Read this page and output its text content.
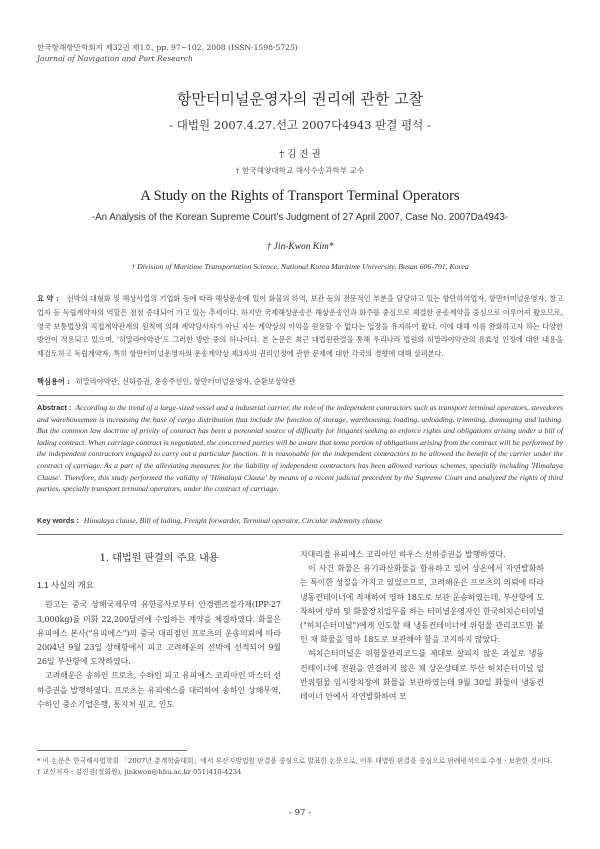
한국항해항만학회지 제32권 제1호, pp. 97~102, 2008 (ISSN-1598-5725)
Journal of Navigation and Port Research
항만터미널운영자의 권리에 관한 고찰
- 대법원 2007.4.27.선고 2007다4943 판결 평석 -
† 김 진 권
† 한국해양대학교 해사수송과학부 교수
A Study on the Rights of Transport Terminal Operators
-An Analysis of the Korean Supreme Court's Judgment of 27 April 2007, Case No. 2007Da4943-
† Jin-Kwon Kim*
† Division of Maritime Transportation Science, National Korea Maritime University, Busan 606-791, Korea
요 약 : 선박의 대형화 및 해상사업의 기업화 등에 따라 해상운송에 있어 화물의 하역, 보관 등의 전문적인 부분을 담당하고 있는 항만하역업자, 항만터미널운영자, 창고업자 등 독립계약자의 역할은 점점 증대되어 가고 있는 추세이다. 하지만 국제해상운송은 해상운송인과 화주를 중심으로 체결한 운송계약을 중심으로 이루어져 왔으므로, 영국 보통법상의 직접계약관계의 원칙에 의해 계약당사자가 아닌 자는 계약상의 이익을 원용할 수 없다는 입장을 유지하여 왔다. 이에 대해 이를 완화하고자 하는 다양한 방안이 적용되고 있으며, '히말라야약관'도 그러한 방안 중의 하나이다. 본 논문은 최근 대법원판결을 통해 우리나라 법원의 히말라야약관의 유효성 인정에 대한 내용을 재검토하고 독립계약자, 특히 항만터미널운영자의 운송계약상 제3자의 권리인정에 관한 문제에 대한 각국의 경향에 대해 살펴본다.
핵심용어 : 히말라야약관, 선하증권, 운송주선인, 항만터미널운영자, 순환보상약관
Abstract : According to the trend of a large-sized vessel and a industrial carrier, the role of the independent contractors such as transport terminal operators, stevedores and warehousemen is increasing the base of cargo distribution that include the function of storage, warehousing, loading, unloading, trimming, dunnaging and lashing. But the common law doctrine of privity of contract has been a perennial source of difficulty for litigants seeking to enforce rights and obligations arising under a bill of lading contract. When carriage contract is negotiated, the concerned parties will be aware that some portion of obligations arising from the contract will be performed by the independent contractors engaged to carry out a particular function. It is reasonable for the independent contractors to be allowed the benefit of the carrier under the contract of carriage. As a part of the alleviating measures for the liability of independent contractors has been allowed various schemes, specially including 'Himalaya Clause'. Therefore, this study performed the validity of 'Himalaya Clause' by means of a recent judicial precedent by the Supreme Court and analyzed the rights of third parties, specially transport terminal operators, under the contract of carriage.
Key words : Himalaya clause, Bill of lading, Freight forwarder, Terminal operator, Circular indemnity clause
1. 대법원 판결의 주요 내용
1.1 사실의 개요

원고는 중국 상해국제무역 유한공사로부터 안경렌즈절가재(IPP-27 3,000kg)를 미화 22,200달러에 수입하는 계약을 체결하였다. 화물은 유피에스 본사("유피에스")의 중국 대리점인 프로츠의 운송의뢰에 따라 2004년 9월 23일 상해항에서 피고 고려해운의 선박에 선적되어 9월 26일 부산항에 도착하였다.

고려해운은 송하인 프로츠, 수하인 피고 유피에스 코리아인 마스터 선하증권을 발행하였다. 프로츠는 유피에스를 대리하여 송하인 상해무역, 수하인 중소기업은행, 통지처 원고, 인도

지대리점 유피에스 코리아인 하우스 선하증권을 발행하였다.

이 사건 화물은 유기과산화물을 함유하고 있어 상온에서 자연발화하는 특이한 성질을 가지고 있었으므로, 고려해운은 프로츠의 의뢰에 따라 냉동컨테이너에 적재하여 영하 18도로 보관 운송하였는데, 부산항에 도착하여 양하 및 화물장치업무를 하는 터미널운영자인 한국허치슨터미널("허치슨터미널")에게 인도할 때 냉동컨테이너에 위험물 관리코드만 붙인 채 화물을 영하 18도로 보관해야 함을 고지하지 않았다.

허치슨터미널은 위험물관리코드를 제대로 살피지 않은 과실로 냉동컨테이너에 전원을 연결하지 않은 채 상온상태로 부산 허치슨터미널 일반위험물 임시장치장에 화물을 보관하였는데 9월 30일 화물이 냉동컨테이너 안에서 자연발화하여 모

* 이 논문은 한국해사법학회 「2007년 춘계학술대회」에서 부산지방법원 판결을 중심으로 발표한 논문으로, 이후 대법원 판결을 중심으로 판례평석으로 수정ㆍ보완한 것이다.
† 교신저자 : 김진권(정회원), jinkwon@hhu.ac.kr 051)410-4234
- 97 -
